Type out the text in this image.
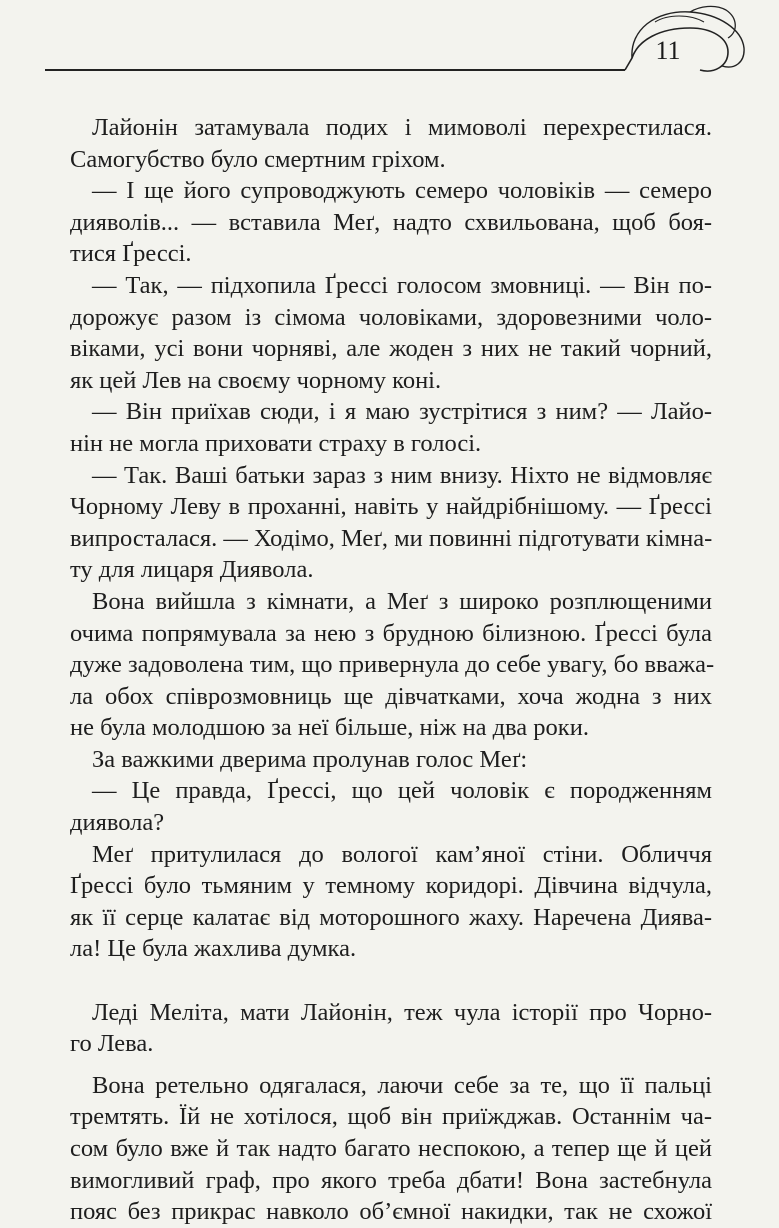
11
Лайонін затамувала подих і мимоволі перехрестилася.
Самогубство було смертним гріхом.
— І ще його супроводжують семеро чоловіків — семеро
дияволів... — вставила Меґ, надто схвильована, щоб боя-
тися Ґрессі.
— Так, — підхопила Ґрессі голосом змовниці. — Він по-
дорожує разом із сімома чоловіками, здоровезними чоло-
віками, усі вони чорняві, але жоден з них не такий чорний,
як цей Лев на своєму чорному коні.
— Він приїхав сюди, і я маю зустрітися з ним? — Лайо-
нін не могла приховати страху в голосі.
— Так. Ваші батьки зараз з ним внизу. Ніхто не відмовляє
Чорному Леву в проханні, навіть у найдрібнішому. — Ґрессі
випросталася. — Ходімо, Меґ, ми повинні підготувати кімна-
ту для лицаря Диявола.
Вона вийшла з кімнати, а Меґ з широко розплющеними
очима попрямувала за нею з брудною білизною. Ґрессі була
дуже задоволена тим, що привернула до себе увагу, бо вважа-
ла обох співрозмовниць ще дівчатками, хоча жодна з них
не була молодшою за неї більше, ніж на два роки.
За важкими дверима пролунав голос Меґ:
— Це правда, Ґрессі, що цей чоловік є породженням
диявола?
Меґ притулилася до вологої кам’яної стіни. Обличчя
Ґрессі було тьмяним у темному коридорі. Дівчина відчула,
як її серце калатає від моторошного жаху. Наречена Диява-
ла! Це була жахлива думка.
Леді Меліта, мати Лайонін, теж чула історії про Чорно-
го Лева.
Вона ретельно одягалася, лаючи себе за те, що її пальці
тремтять. Їй не хотілося, щоб він приїжджав. Останнім ча-
сом було вже й так надто багато неспокою, а тепер ще й цей
вимогливий граф, про якого треба дбати! Вона застебнула
пояс без прикрас навколо об’ємної накидки, так не схожої
